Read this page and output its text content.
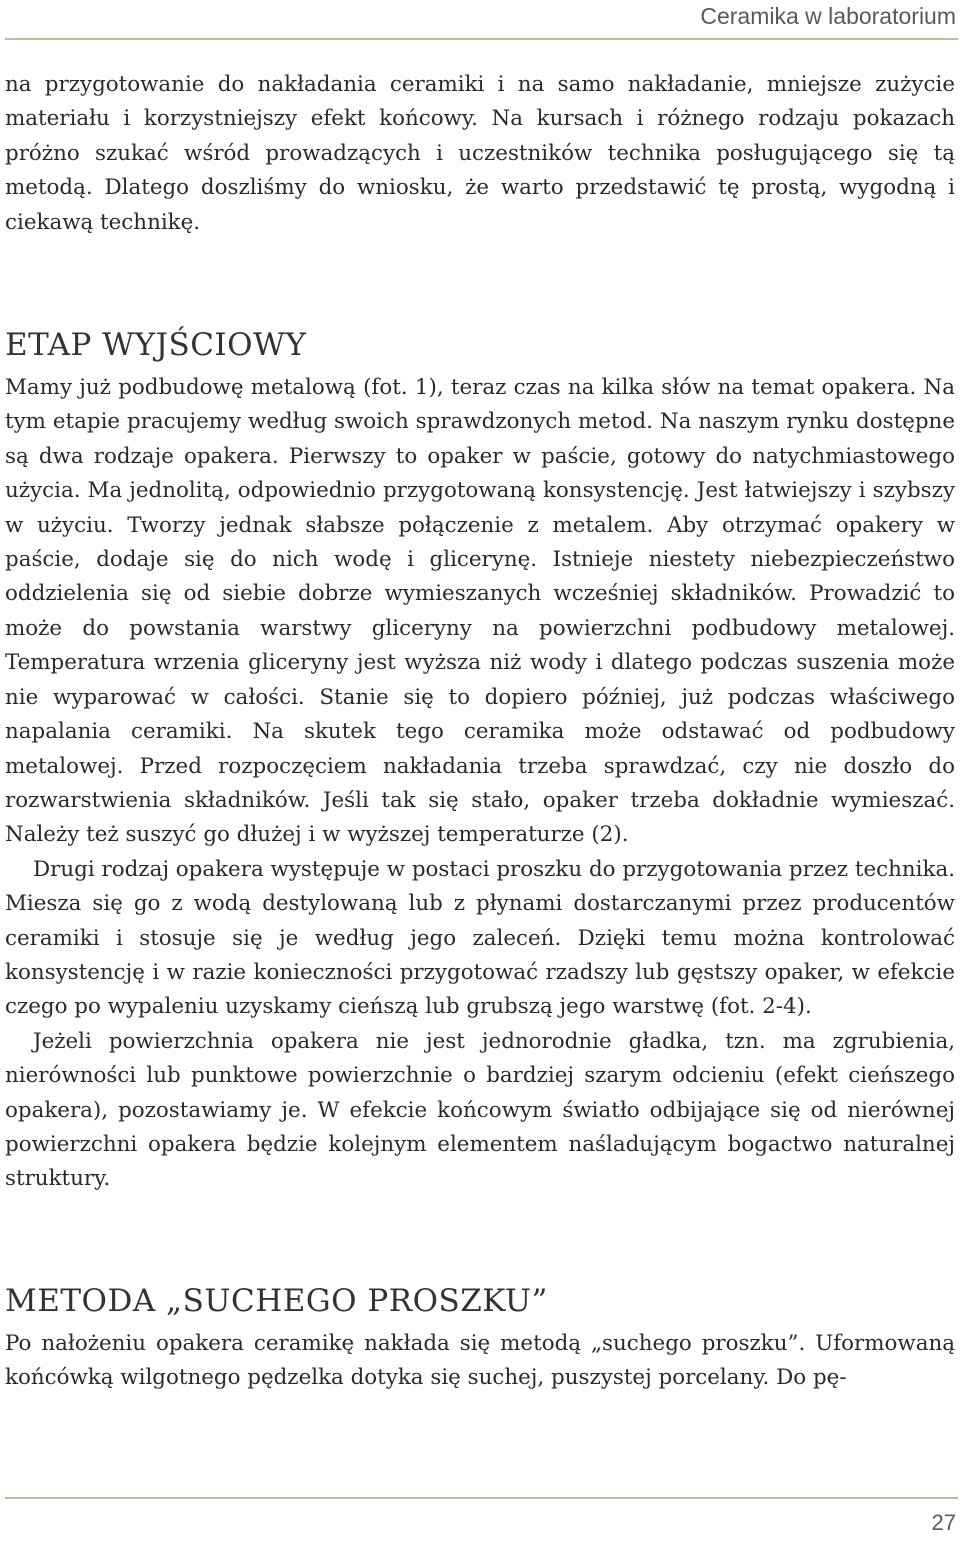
Ceramika w laboratorium

na przygotowanie do nakładania ceramiki i na samo nakładanie, mniejsze zużycie materiału i korzystniejszy efekt końcowy. Na kursach i różnego rodzaju pokazach próżno szukać wśród prowadzących i uczestników technika posługującego się tą metodą. Dlatego doszliśmy do wniosku, że warto przedstawić tę prostą, wygodną i ciekawą technikę.

ETAP WYJŚCIOWY

Mamy już podbudowę metalową (fot. 1), teraz czas na kilka słów na temat opakera. Na tym etapie pracujemy według swoich sprawdzonych metod. Na naszym rynku dostępne są dwa rodzaje opakera. Pierwszy to opaker w paście, gotowy do natychmiastowego użycia. Ma jednolitą, odpowiednio przygotowaną konsystencję. Jest łatwiejszy i szybszy w użyciu. Tworzy jednak słabsze połączenie z metalem. Aby otrzymać opakery w paście, dodaje się do nich wodę i glicerynę. Istnieje niestety niebezpieczeństwo oddzielenia się od siebie dobrze wymieszanych wcześniej składników. Prowadzić to może do powstania warstwy gliceryny na powierzchni podbudowy metalowej. Temperatura wrzenia gliceryny jest wyższa niż wody i dlatego podczas suszenia może nie wyparować w całości. Stanie się to dopiero później, już podczas właściwego napalania ceramiki. Na skutek tego ceramika może odstawać od podbudowy metalowej. Przed rozpoczęciem nakładania trzeba sprawdzać, czy nie doszło do rozwarstwienia składników. Jeśli tak się stało, opaker trzeba dokładnie wymieszać. Należy też suszyć go dłużej i w wyższej temperaturze (2).

Drugi rodzaj opakera występuje w postaci proszku do przygotowania przez technika. Miesza się go z wodą destylowaną lub z płynami dostarczanymi przez producentów ceramiki i stosuje się je według jego zaleceń. Dzięki temu można kontrolować konsystencję i w razie konieczności przygotować rzadszy lub gęstszy opaker, w efekcie czego po wypaleniu uzyskamy cieńszą lub grubszą jego warstwę (fot. 2-4).

Jeżeli powierzchnia opakera nie jest jednorodnie gładka, tzn. ma zgrubienia, nierówności lub punktowe powierzchnie o bardziej szarym odcieniu (efekt cieńszego opakera), pozostawiamy je. W efekcie końcowym światło odbijające się od nierównej powierzchni opakera będzie kolejnym elementem naśladującym bogactwo naturalnej struktury.

METODA „SUCHEGO PROSZKU”

Po nałożeniu opakera ceramikę nakłada się metodą „suchego proszku”. Uformowaną końcówką wilgotnego pędzelka dotyka się suchej, puszystej porcelany. Do pę-

27
